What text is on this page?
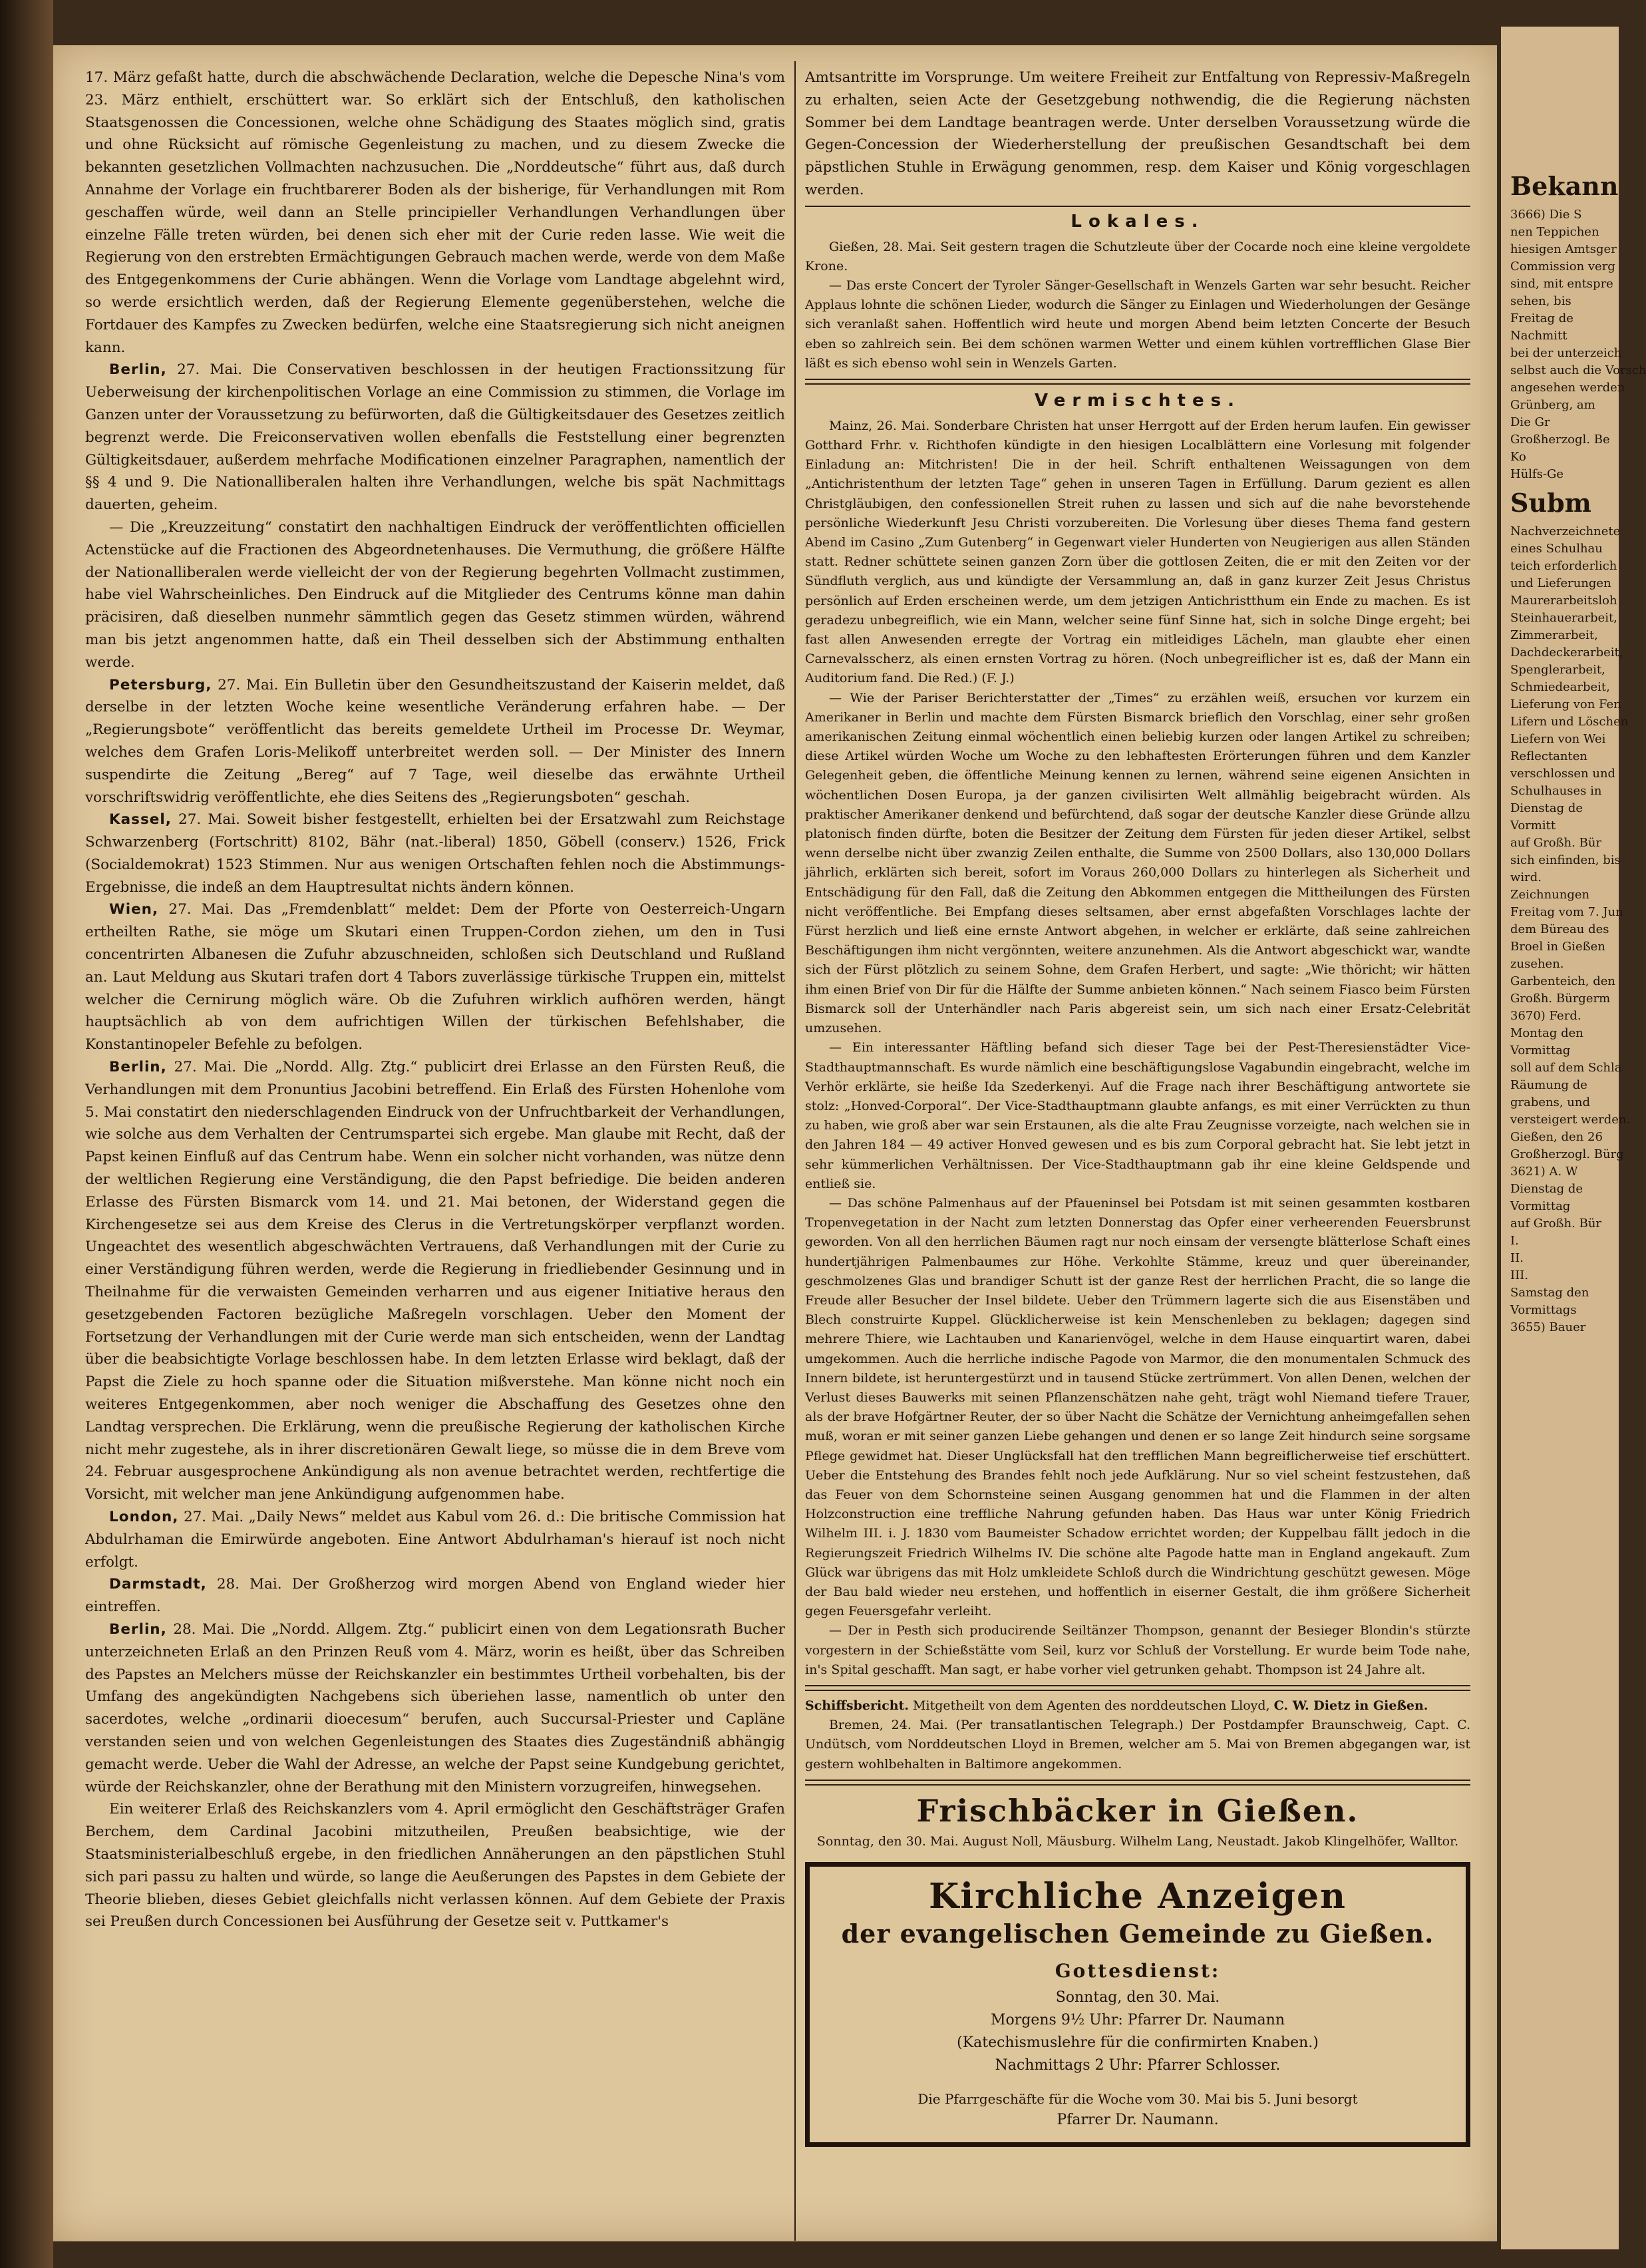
17. März gefaßt hatte, durch die abschwächende Declaration, welche die Depesche Nina's vom 23. März enthielt, erschüttert war. So erklärt sich der Entschluß, den katholischen Staatsgenossen die Concessionen, welche ohne Schädigung des Staates möglich sind, gratis und ohne Rücksicht auf römische Gegenleistung zu machen, und zu diesem Zwecke die bekannten gesetzlichen Vollmachten nachzusuchen. Die „Norddeutsche“ führt aus, daß durch Annahme der Vorlage ein fruchtbarerer Boden als der bisherige, für Verhandlungen mit Rom geschaffen würde, weil dann an Stelle principieller Verhandlungen Verhandlungen über einzelne Fälle treten würden, bei denen sich eher mit der Curie reden lasse. Wie weit die Regierung von den erstrebten Ermächtigungen Gebrauch machen werde, werde von dem Maße des Entgegenkommens der Curie abhängen. Wenn die Vorlage vom Landtage abgelehnt wird, so werde ersichtlich werden, daß der Regierung Elemente gegenüberstehen, welche die Fortdauer des Kampfes zu Zwecken bedürfen, welche eine Staatsregierung sich nicht aneignen kann.

Berlin, 27. Mai. Die Conservativen beschlossen in der heutigen Fractionssitzung für Ueberweisung der kirchenpolitischen Vorlage an eine Commission zu stimmen, die Vorlage im Ganzen unter der Voraussetzung zu befürworten, daß die Gültigkeitsdauer des Gesetzes zeitlich begrenzt werde. Die Freiconservativen wollen ebenfalls die Feststellung einer begrenzten Gültigkeitsdauer, außerdem mehrfache Modificationen einzelner Paragraphen, namentlich der §§ 4 und 9. Die Nationalliberalen halten ihre Verhandlungen, welche bis spät Nachmittags dauerten, geheim.

— Die „Kreuzzeitung“ constatirt den nachhaltigen Eindruck der veröffentlichten officiellen Actenstücke auf die Fractionen des Abgeordnetenhauses. Die Vermuthung, die größere Hälfte der Nationalliberalen werde vielleicht der von der Regierung begehrten Vollmacht zustimmen, habe viel Wahrscheinliches. Den Eindruck auf die Mitglieder des Centrums könne man dahin präcisiren, daß dieselben nunmehr sämmtlich gegen das Gesetz stimmen würden, während man bis jetzt angenommen hatte, daß ein Theil desselben sich der Abstimmung enthalten werde.

Petersburg, 27. Mai. Ein Bulletin über den Gesundheitszustand der Kaiserin meldet, daß derselbe in der letzten Woche keine wesentliche Veränderung erfahren habe. — Der „Regierungsbote“ veröffentlicht das bereits gemeldete Urtheil im Processe Dr. Weymar, welches dem Grafen Loris-Melikoff unterbreitet werden soll. — Der Minister des Innern suspendirte die Zeitung „Bereg“ auf 7 Tage, weil dieselbe das erwähnte Urtheil vorschriftswidrig veröffentlichte, ehe dies Seitens des „Regierungsboten“ geschah.

Kassel, 27. Mai. Soweit bisher festgestellt, erhielten bei der Ersatzwahl zum Reichstage Schwarzenberg (Fortschritt) 8102, Bähr (nat.-liberal) 1850, Göbell (conserv.) 1526, Frick (Socialdemokrat) 1523 Stimmen. Nur aus wenigen Ortschaften fehlen noch die Abstimmungs-Ergebnisse, die indeß an dem Hauptresultat nichts ändern können.

Wien, 27. Mai. Das „Fremdenblatt“ meldet: Dem der Pforte von Oesterreich-Ungarn ertheilten Rathe, sie möge um Skutari einen Truppen-Cordon ziehen, um den in Tusi concentrirten Albanesen die Zufuhr abzuschneiden, schloßen sich Deutschland und Rußland an. Laut Meldung aus Skutari trafen dort 4 Tabors zuverlässige türkische Truppen ein, mittelst welcher die Cernirung möglich wäre. Ob die Zufuhren wirklich aufhören werden, hängt hauptsächlich ab von dem aufrichtigen Willen der türkischen Befehlshaber, die Konstantinopeler Befehle zu befolgen.

Berlin, 27. Mai. Die „Nordd. Allg. Ztg.“ publicirt drei Erlasse an den Fürsten Reuß, die Verhandlungen mit dem Pronuntius Jacobini betreffend. Ein Erlaß des Fürsten Hohenlohe vom 5. Mai constatirt den niederschlagenden Eindruck von der Unfruchtbarkeit der Verhandlungen, wie solche aus dem Verhalten der Centrumspartei sich ergebe. Man glaube mit Recht, daß der Papst keinen Einfluß auf das Centrum habe. Wenn ein solcher nicht vorhanden, was nütze denn der weltlichen Regierung eine Verständigung, die den Papst befriedige. Die beiden anderen Erlasse des Fürsten Bismarck vom 14. und 21. Mai betonen, der Widerstand gegen die Kirchengesetze sei aus dem Kreise des Clerus in die Vertretungskörper verpflanzt worden. Ungeachtet des wesentlich abgeschwächten Vertrauens, daß Verhandlungen mit der Curie zu einer Verständigung führen werden, werde die Regierung in friedliebender Gesinnung und in Theilnahme für die verwaisten Gemeinden verharren und aus eigener Initiative heraus den gesetzgebenden Factoren bezügliche Maßregeln vorschlagen. Ueber den Moment der Fortsetzung der Verhandlungen mit der Curie werde man sich entscheiden, wenn der Landtag über die beabsichtigte Vorlage beschlossen habe. In dem letzten Erlasse wird beklagt, daß der Papst die Ziele zu hoch spanne oder die Situation mißverstehe. Man könne nicht noch ein weiteres Entgegenkommen, aber noch weniger die Abschaffung des Gesetzes ohne den Landtag versprechen. Die Erklärung, wenn die preußische Regierung der katholischen Kirche nicht mehr zugestehe, als in ihrer discretionären Gewalt liege, so müsse die in dem Breve vom 24. Februar ausgesprochene Ankündigung als non avenue betrachtet werden, rechtfertige die Vorsicht, mit welcher man jene Ankündigung aufgenommen habe.

London, 27. Mai. „Daily News“ meldet aus Kabul vom 26. d.: Die britische Commission hat Abdulrhaman die Emirwürde angeboten. Eine Antwort Abdulrhaman's hierauf ist noch nicht erfolgt.

Darmstadt, 28. Mai. Der Großherzog wird morgen Abend von England wieder hier eintreffen.

Berlin, 28. Mai. Die „Nordd. Allgem. Ztg.“ publicirt einen von dem Legationsrath Bucher unterzeichneten Erlaß an den Prinzen Reuß vom 4. März, worin es heißt, über das Schreiben des Papstes an Melchers müsse der Reichskanzler ein bestimmtes Urtheil vorbehalten, bis der Umfang des angekündigten Nachgebens sich überiehen lasse, namentlich ob unter den sacerdotes, welche „ordinarii dioecesum“ berufen, auch Succursal-Priester und Capläne verstanden seien und von welchen Gegenleistungen des Staates dies Zugeständniß abhängig gemacht werde. Ueber die Wahl der Adresse, an welche der Papst seine Kundgebung gerichtet, würde der Reichskanzler, ohne der Berathung mit den Ministern vorzugreifen, hinwegsehen.

Ein weiterer Erlaß des Reichskanzlers vom 4. April ermöglicht den Geschäftsträger Grafen Berchem, dem Cardinal Jacobini mitzutheilen, Preußen beabsichtige, wie der Staatsministerialbeschluß ergebe, in den friedlichen Annäherungen an den päpstlichen Stuhl sich pari passu zu halten und würde, so lange die Aeußerungen des Papstes in dem Gebiete der Theorie blieben, dieses Gebiet gleichfalls nicht verlassen können. Auf dem Gebiete der Praxis sei Preußen durch Concessionen bei Ausführung der Gesetze seit v. Puttkamer's

Amtsantritte im Vorsprunge. Um weitere Freiheit zur Entfaltung von Repressiv-Maßregeln zu erhalten, seien Acte der Gesetzgebung nothwendig, die die Regierung nächsten Sommer bei dem Landtage beantragen werde. Unter derselben Voraussetzung würde die Gegen-Concession der Wiederherstellung der preußischen Gesandtschaft bei dem päpstlichen Stuhle in Erwägung genommen, resp. dem Kaiser und König vorgeschlagen werden.

Lokales.

Gießen, 28. Mai. Seit gestern tragen die Schutzleute über der Cocarde noch eine kleine vergoldete Krone.

— Das erste Concert der Tyroler Sänger-Gesellschaft in Wenzels Garten war sehr besucht. Reicher Applaus lohnte die schönen Lieder, wodurch die Sänger zu Einlagen und Wiederholungen der Gesänge sich veranlaßt sahen. Hoffentlich wird heute und morgen Abend beim letzten Concerte der Besuch eben so zahlreich sein. Bei dem schönen warmen Wetter und einem kühlen vortrefflichen Glase Bier läßt es sich ebenso wohl sein in Wenzels Garten.

Vermischtes.

Mainz, 26. Mai. Sonderbare Christen hat unser Herrgott auf der Erden herum laufen. Ein gewisser Gotthard Frhr. v. Richthofen kündigte in den hiesigen Localblättern eine Vorlesung mit folgender Einladung an: Mitchristen! Die in der heil. Schrift enthaltenen Weissagungen von dem „Antichristenthum der letzten Tage“ gehen in unseren Tagen in Erfüllung. Darum gezient es allen Christgläubigen, den confessionellen Streit ruhen zu lassen und sich auf die nahe bevorstehende persönliche Wiederkunft Jesu Christi vorzubereiten. Die Vorlesung über dieses Thema fand gestern Abend im Casino „Zum Gutenberg“ in Gegenwart vieler Hunderten von Neugierigen aus allen Ständen statt. Redner schüttete seinen ganzen Zorn über die gottlosen Zeiten, die er mit den Zeiten vor der Sündfluth verglich, aus und kündigte der Versammlung an, daß in ganz kurzer Zeit Jesus Christus persönlich auf Erden erscheinen werde, um dem jetzigen Antichristthum ein Ende zu machen. Es ist geradezu unbegreiflich, wie ein Mann, welcher seine fünf Sinne hat, sich in solche Dinge ergeht; bei fast allen Anwesenden erregte der Vortrag ein mitleidiges Lächeln, man glaubte eher einen Carnevalsscherz, als einen ernsten Vortrag zu hören. (Noch unbegreiflicher ist es, daß der Mann ein Auditorium fand. Die Red.) (F. J.)

— Wie der Pariser Berichterstatter der „Times“ zu erzählen weiß, ersuchen vor kurzem ein Amerikaner in Berlin und machte dem Fürsten Bismarck brieflich den Vorschlag, einer sehr großen amerikanischen Zeitung einmal wöchentlich einen beliebig kurzen oder langen Artikel zu schreiben; diese Artikel würden Woche um Woche zu den lebhaftesten Erörterungen führen und dem Kanzler Gelegenheit geben, die öffentliche Meinung kennen zu lernen, während seine eigenen Ansichten in wöchentlichen Dosen Europa, ja der ganzen civilisirten Welt allmählig beigebracht würden. Als praktischer Amerikaner denkend und befürchtend, daß sogar der deutsche Kanzler diese Gründe allzu platonisch finden dürfte, boten die Besitzer der Zeitung dem Fürsten für jeden dieser Artikel, selbst wenn derselbe nicht über zwanzig Zeilen enthalte, die Summe von 2500 Dollars, also 130,000 Dollars jährlich, erklärten sich bereit, sofort im Voraus 260,000 Dollars zu hinterlegen als Sicherheit und Entschädigung für den Fall, daß die Zeitung den Abkommen entgegen die Mittheilungen des Fürsten nicht veröffentliche. Bei Empfang dieses seltsamen, aber ernst abgefaßten Vorschlages lachte der Fürst herzlich und ließ eine ernste Antwort abgehen, in welcher er erklärte, daß seine zahlreichen Beschäftigungen ihm nicht vergönnten, weitere anzunehmen. Als die Antwort abgeschickt war, wandte sich der Fürst plötzlich zu seinem Sohne, dem Grafen Herbert, und sagte: „Wie thöricht; wir hätten ihm einen Brief von Dir für die Hälfte der Summe anbieten können.“ Nach seinem Fiasco beim Fürsten Bismarck soll der Unterhändler nach Paris abgereist sein, um sich nach einer Ersatz-Celebrität umzusehen.

— Ein interessanter Häftling befand sich dieser Tage bei der Pest-Theresienstädter Vice-Stadthauptmannschaft. Es wurde nämlich eine beschäftigungslose Vagabundin eingebracht, welche im Verhör erklärte, sie heiße Ida Szederkenyi. Auf die Frage nach ihrer Beschäftigung antwortete sie stolz: „Honved-Corporal“. Der Vice-Stadthauptmann glaubte anfangs, es mit einer Verrückten zu thun zu haben, wie groß aber war sein Erstaunen, als die alte Frau Zeugnisse vorzeigte, nach welchen sie in den Jahren 184 — 49 activer Honved gewesen und es bis zum Corporal gebracht hat. Sie lebt jetzt in sehr kümmerlichen Verhältnissen. Der Vice-Stadthauptmann gab ihr eine kleine Geldspende und entließ sie.

— Das schöne Palmenhaus auf der Pfaueninsel bei Potsdam ist mit seinen gesammten kostbaren Tropenvegetation in der Nacht zum letzten Donnerstag das Opfer einer verheerenden Feuersbrunst geworden. Von all den herrlichen Bäumen ragt nur noch einsam der versengte blätterlose Schaft eines hundertjährigen Palmenbaumes zur Höhe. Verkohlte Stämme, kreuz und quer übereinander, geschmolzenes Glas und brandiger Schutt ist der ganze Rest der herrlichen Pracht, die so lange die Freude aller Besucher der Insel bildete. Ueber den Trümmern lagerte sich die aus Eisenstäben und Blech construirte Kuppel. Glücklicherweise ist kein Menschenleben zu beklagen; dagegen sind mehrere Thiere, wie Lachtauben und Kanarienvögel, welche in dem Hause einquartirt waren, dabei umgekommen. Auch die herrliche indische Pagode von Marmor, die den monumentalen Schmuck des Innern bildete, ist heruntergestürzt und in tausend Stücke zertrümmert. Von allen Denen, welchen der Verlust dieses Bauwerks mit seinen Pflanzenschätzen nahe geht, trägt wohl Niemand tiefere Trauer, als der brave Hofgärtner Reuter, der so über Nacht die Schätze der Vernichtung anheimgefallen sehen muß, woran er mit seiner ganzen Liebe gehangen und denen er so lange Zeit hindurch seine sorgsame Pflege gewidmet hat. Dieser Unglücksfall hat den trefflichen Mann begreiflicherweise tief erschüttert. Ueber die Entstehung des Brandes fehlt noch jede Aufklärung. Nur so viel scheint festzustehen, daß das Feuer von dem Schornsteine seinen Ausgang genommen hat und die Flammen in der alten Holzconstruction eine treffliche Nahrung gefunden haben. Das Haus war unter König Friedrich Wilhelm III. i. J. 1830 vom Baumeister Schadow errichtet worden; der Kuppelbau fällt jedoch in die Regierungszeit Friedrich Wilhelms IV. Die schöne alte Pagode hatte man in England angekauft. Zum Glück war übrigens das mit Holz umkleidete Schloß durch die Windrichtung geschützt gewesen. Möge der Bau bald wieder neu erstehen, und hoffentlich in eiserner Gestalt, die ihm größere Sicherheit gegen Feuersgefahr verleiht.

— Der in Pesth sich producirende Seiltänzer Thompson, genannt der Besieger Blondin's stürzte vorgestern in der Schießstätte vom Seil, kurz vor Schluß der Vorstellung. Er wurde beim Tode nahe, in's Spital geschafft. Man sagt, er habe vorher viel getrunken gehabt. Thompson ist 24 Jahre alt.

Schiffsbericht. Mitgetheilt von dem Agenten des norddeutschen Lloyd, C. W. Dietz in Gießen.

Bremen, 24. Mai. (Per transatlantischen Telegraph.) Der Postdampfer Braunschweig, Capt. C. Undütsch, vom Norddeutschen Lloyd in Bremen, welcher am 5. Mai von Bremen abgegangen war, ist gestern wohlbehalten in Baltimore angekommen.

Frischbäcker in Gießen.

Sonntag, den 30. Mai. August Noll, Mäusburg. Wilhelm Lang, Neustadt. Jakob Klingelhöfer, Walltor.

Kirchliche Anzeigen
der evangelischen Gemeinde zu Gießen.
Gottesdienst:
Sonntag, den 30. Mai.
Morgens 9½ Uhr: Pfarrer Dr. Naumann
(Katechismuslehre für die confirmirten Knaben.)
Nachmittags 2 Uhr: Pfarrer Schlosser.
Die Pfarrgeschäfte für die Woche vom 30. Mai bis 5. Juni besorgt
Pfarrer Dr. Naumann.
Bekann
3666) Die S
nen Teppichen
hiesigen Amtsger
Commission verg
sind, mit entspre
sehen, bis
Freitag de
Nachmitt
bei der unterzeich
selbst auch die Vorsch
angesehen werden
Grünberg, am
Die Gr
Großherzogl. Be
Ko
Hülfs-Ge
Subm
Nachverzeichnete
eines Schulhau
teich erforderlich
und Lieferungen
Maurerarbeitsloh
Steinhauerarbeit,
Zimmerarbeit,
Dachdeckerarbeit,
Spenglerarbeit,
Schmiedearbeit,
Lieferung von Fen
Lifern und Löschen
Liefern von Wei
Reflectanten
verschlossen und
Schulhauses in
Dienstag de
Vormitt
auf Großh. Bür
sich einfinden, bis
wird.
Zeichnungen
Freitag vom 7. Jun
dem Büreau des
Broel in Gießen
zusehen.
Garbenteich, den
Großh. Bürgerm
3670) Ferd.
Montag den
Vormittag
soll auf dem Schla
Räumung de
grabens, und
versteigert werden.
Gießen, den 26
Großherzogl. Bürg
3621) A. W
Dienstag de
Vormittag
auf Großh. Bür
I.
II.
III.
Samstag den
Vormittags
3655) Bauer
